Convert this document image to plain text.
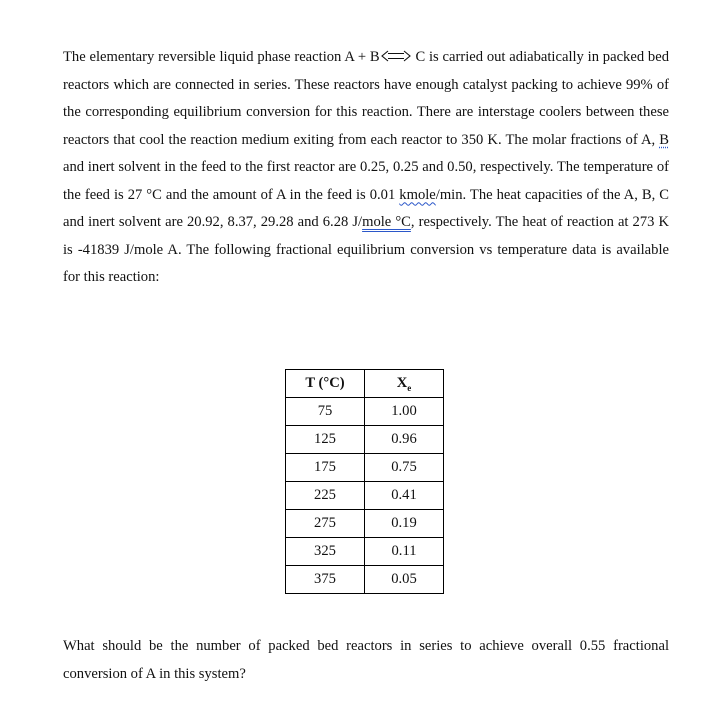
The elementary reversible liquid phase reaction A + B C is carried out adiabatically in packed bed reactors which are connected in series. These reactors have enough catalyst packing to achieve 99% of the corresponding equilibrium conversion for this reaction. There are interstage coolers between these reactors that cool the reaction medium exiting from each reactor to 350 K. The molar fractions of A, B and inert solvent in the feed to the first reactor are 0.25, 0.25 and 0.50, respectively. The temperature of the feed is 27 °C and the amount of A in the feed is 0.01 kmole/min. The heat capacities of the A, B, C and inert solvent are 20.92, 8.37, 29.28 and 6.28 J/mole °C, respectively. The heat of reaction at 273 K is -41839 J/mole A. The following fractional equilibrium conversion vs temperature data is available for this reaction:

T (°C)	$X_e$
75	1.00
125	0.96
175	0.75
225	0.41
275	0.19
325	0.11
375	0.05

What should be the number of packed bed reactors in series to achieve overall 0.55 fractional conversion of A in this system?
